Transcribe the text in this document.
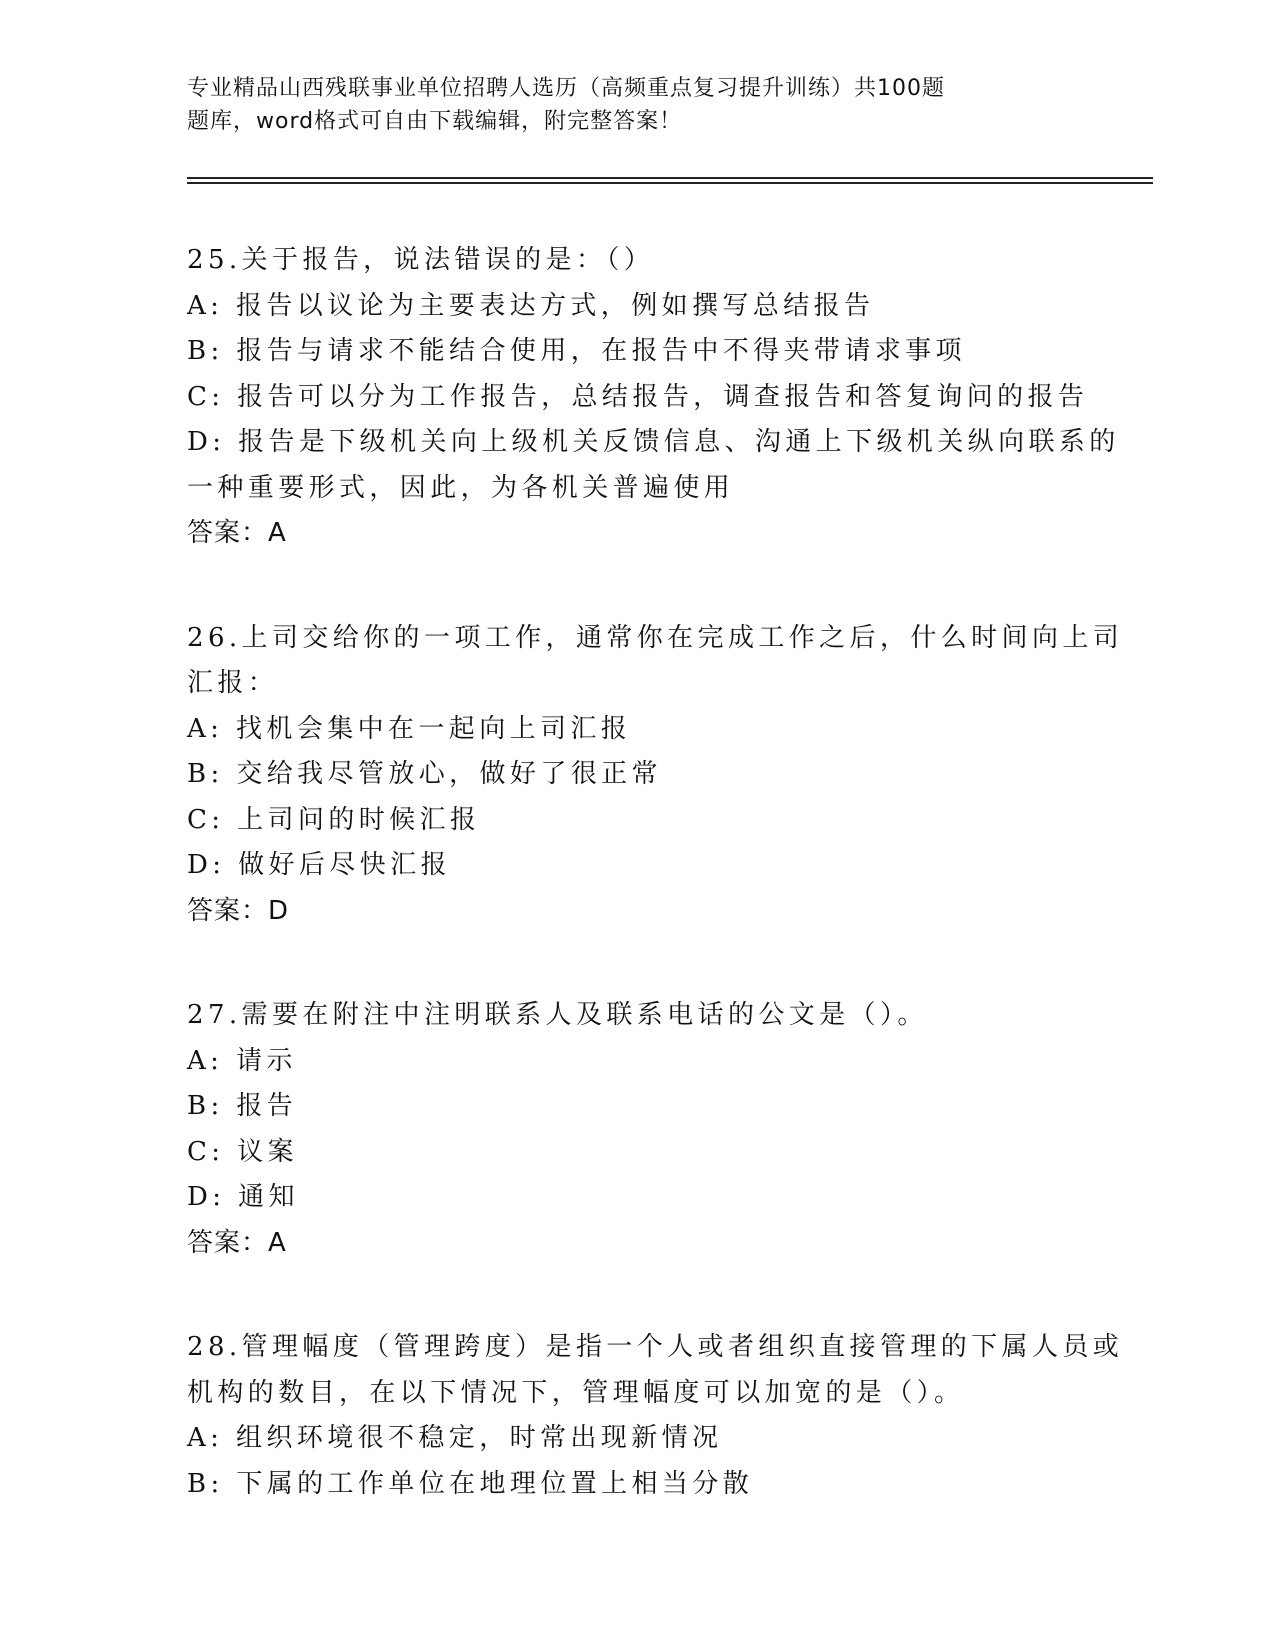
专业精品山西残联事业单位招聘人选历（高频重点复习提升训练）共100题

题库，word格式可自由下载编辑，附完整答案！

25.关于报告，说法错误的是：（）

A: 报告以议论为主要表达方式，例如撰写总结报告

B: 报告与请求不能结合使用，在报告中不得夹带请求事项

C: 报告可以分为工作报告，总结报告，调查报告和答复询问的报告

D: 报告是下级机关向上级机关反馈信息、沟通上下级机关纵向联系的

一种重要形式，因此，为各机关普遍使用

答案：A

26.上司交给你的一项工作，通常你在完成工作之后，什么时间向上司

汇报：

A: 找机会集中在一起向上司汇报

B: 交给我尽管放心，做好了很正常

C: 上司问的时候汇报

D: 做好后尽快汇报

答案：D

27.需要在附注中注明联系人及联系电话的公文是（）。

A: 请示

B: 报告

C: 议案

D: 通知

答案：A

28.管理幅度（管理跨度）是指一个人或者组织直接管理的下属人员或

机构的数目，在以下情况下，管理幅度可以加宽的是（）。

A: 组织环境很不稳定，时常出现新情况

B: 下属的工作单位在地理位置上相当分散
